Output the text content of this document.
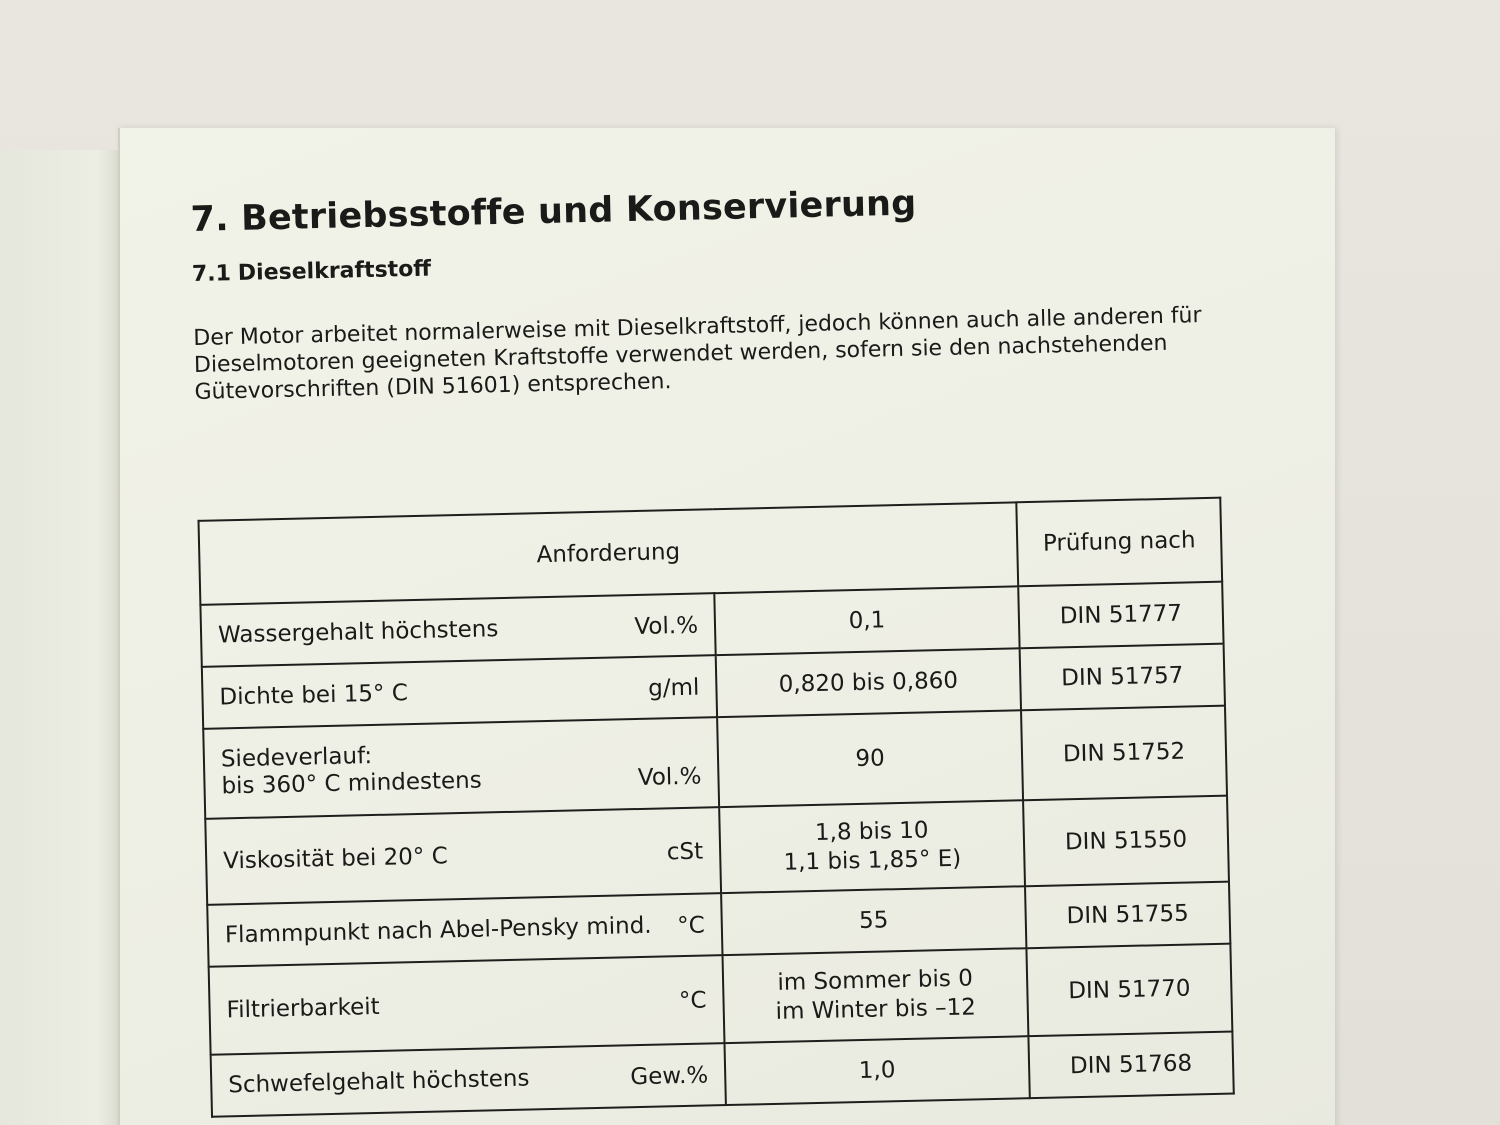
7. Betriebsstoffe und Konservierung
7.1 Dieselkraftstoff
Der Motor arbeitet normalerweise mit Dieselkraftstoff, jedoch können auch alle anderen für Dieselmotoren geeigneten Kraftstoffe verwendet werden, sofern sie den nachstehenden Gütevorschriften (DIN 51601) entsprechen.
Anforderung		Prüfung nach

Wassergehalt höchstens Vol.%	0,1	DIN 51777

Dichte bei 15° C g/ml	0,820 bis 0,860	DIN 51757

Siedeverlauf:
bis 360° C mindestens Vol.%	90	DIN 51752

Viskosität bei 20° C cSt	1,8 bis 10
1,1 bis 1,85° E)	DIN 51550

Flammpunkt nach Abel-Pensky mind. °C	55	DIN 51755

Filtrierbarkeit °C	im Sommer bis 0
im Winter bis –12	DIN 51770

Schwefelgehalt höchstens Gew.%	1,0	DIN 51768
